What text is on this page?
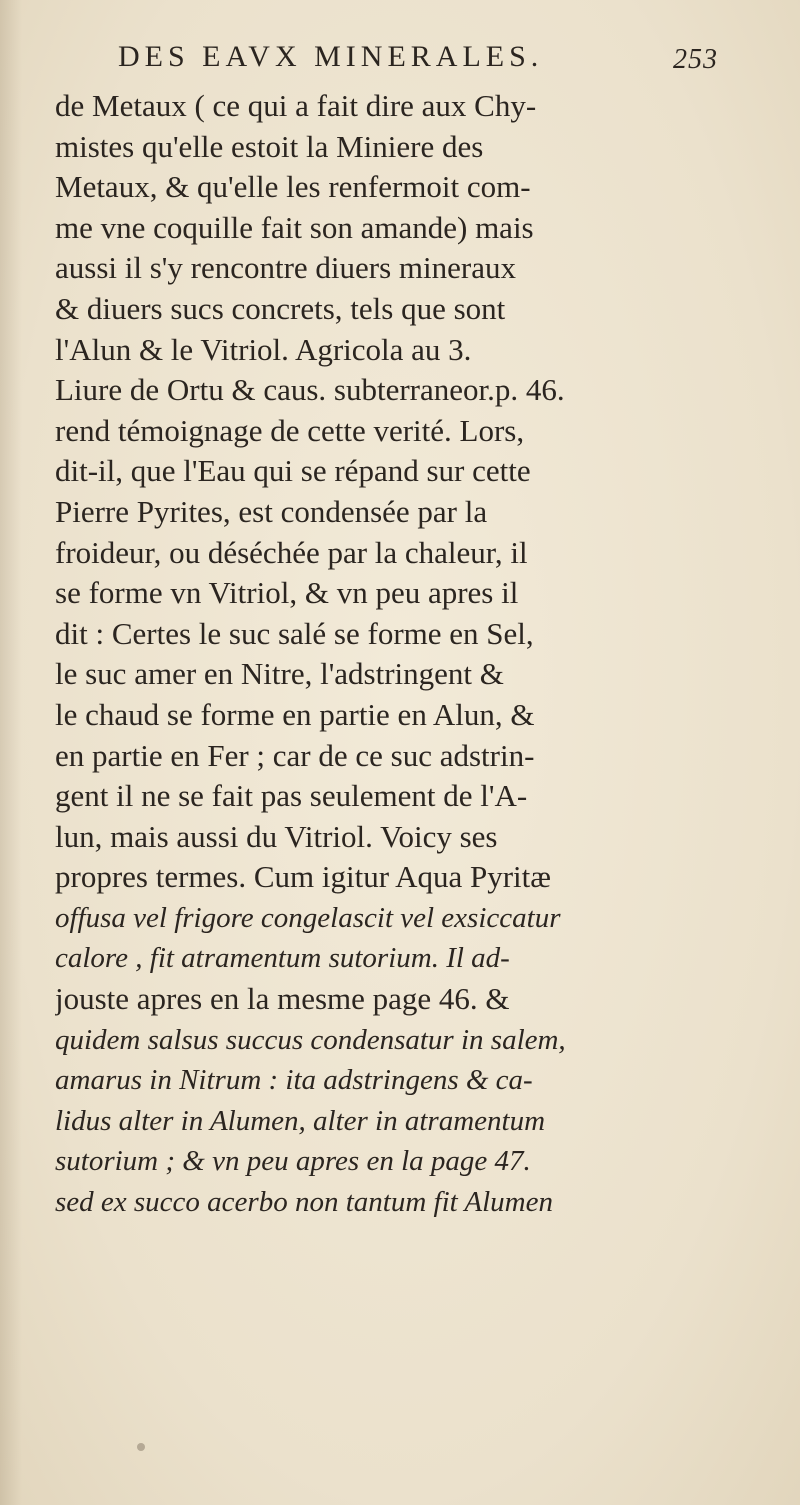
DES EAVX MINERALES.	253
de Metaux ( ce qui a fait dire aux Chy-
mistes qu'elle estoit la Miniere des
Metaux, & qu'elle les renfermoit com-
me vne coquille fait son amande) mais
aussi il s'y rencontre diuers mineraux
& diuers sucs concrets, tels que sont
l'Alun & le Vitriol. Agricola au 3.
Liure de Ortu & caus. subterraneor.p. 46.
rend témoignage de cette verité. Lors,
dit-il, que l'Eau qui se répand sur cette
Pierre Pyrites, est condensée par la
froideur, ou déséchée par la chaleur, il
se forme vn Vitriol, & vn peu apres il
dit : Certes le suc salé se forme en Sel,
le suc amer en Nitre, l'adstringent &
le chaud se forme en partie en Alun, &
en partie en Fer ; car de ce suc adstrin-
gent il ne se fait pas seulement de l'A-
lun, mais aussi du Vitriol. Voicy ses
propres termes. Cum igitur Aqua Pyritæ
offusa vel frigore congelascit vel exsiccatur
calore , fit atramentum sutorium. Il ad-
jouste apres en la mesme page 46. &
quidem salsus succus condensatur in salem,
amarus in Nitrum : ita adstringens & ca-
lidus alter in Alumen, alter in atramentum
sutorium ; & vn peu apres en la page 47.
sed ex succo acerbo non tantum fit Alumen
